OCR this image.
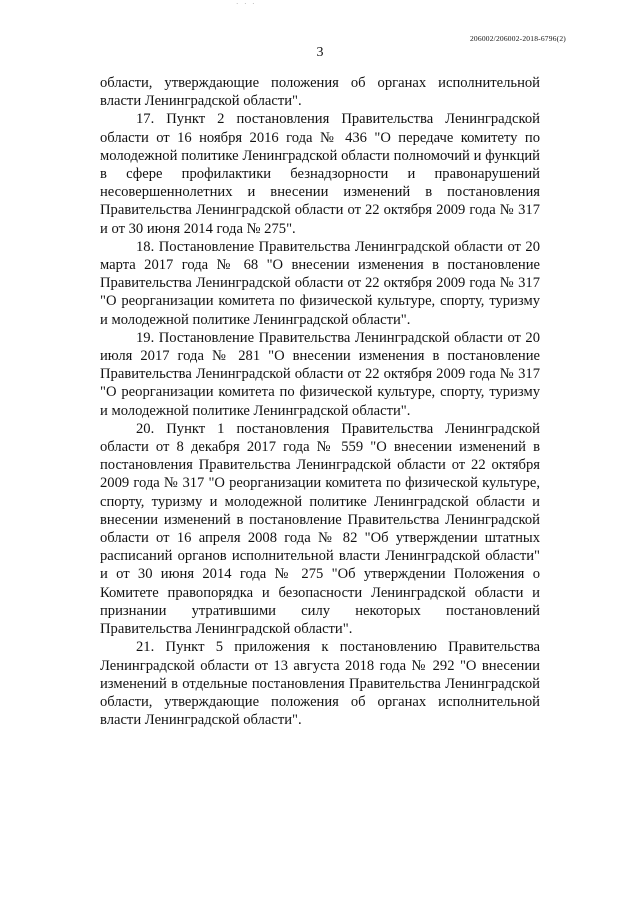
· · ·
206002/206002-2018-6796(2)
3

области, утверждающие положения об органах исполнительной власти Ленинградской области".

17. Пункт 2 постановления Правительства Ленинградской области от 16 ноября 2016 года № 436 "О передаче комитету по молодежной политике Ленинградской области полномочий и функций в сфере профилактики безнадзорности и правонарушений несовершеннолетних и внесении изменений в постановления Правительства Ленинградской области от 22 октября 2009 года № 317 и от 30 июня 2014 года № 275".

18. Постановление Правительства Ленинградской области от 20 марта 2017 года № 68 "О внесении изменения в постановление Правительства Ленинградской области от 22 октября 2009 года № 317 "О реорганизации комитета по физической культуре, спорту, туризму и молодежной политике Ленинградской области".

19. Постановление Правительства Ленинградской области от 20 июля 2017 года № 281 "О внесении изменения в постановление Правительства Ленинградской области от 22 октября 2009 года № 317 "О реорганизации комитета по физической культуре, спорту, туризму и молодежной политике Ленинградской области".

20. Пункт 1 постановления Правительства Ленинградской области от 8 декабря 2017 года № 559 "О внесении изменений в постановления Правительства Ленинградской области от 22 октября 2009 года № 317 "О реорганизации комитета по физической культуре, спорту, туризму и молодежной политике Ленинградской области и внесении изменений в постановление Правительства Ленинградской области от 16 апреля 2008 года № 82 "Об утверждении штатных расписаний органов исполнительной власти Ленинградской области" и от 30 июня 2014 года № 275 "Об утверждении Положения о Комитете правопорядка и безопасности Ленинградской области и признании утратившими силу некоторых постановлений Правительства Ленинградской области".

21. Пункт 5 приложения к постановлению Правительства Ленинградской области от 13 августа 2018 года № 292 "О внесении изменений в отдельные постановления Правительства Ленинградской области, утверждающие положения об органах исполнительной власти Ленинградской области".
